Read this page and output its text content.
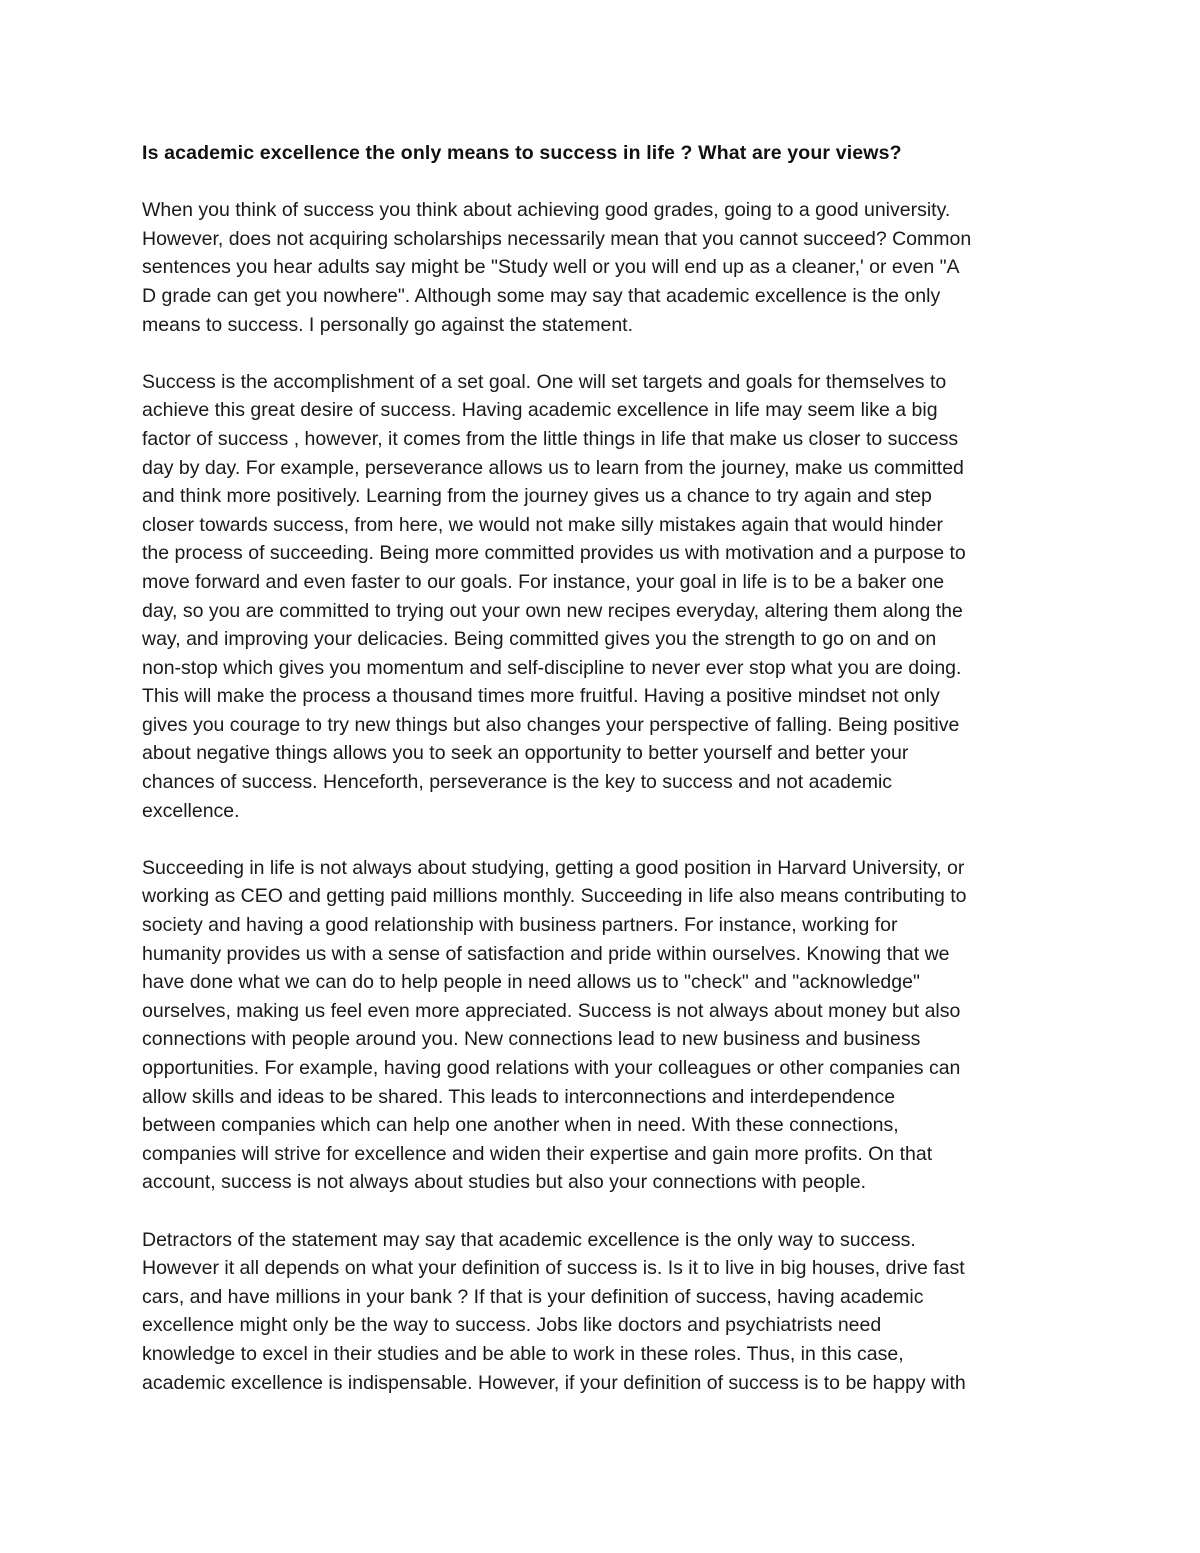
Is academic excellence the only means to success in life ? What are your views?
When you think of success you think about achieving good grades, going to a good university.
However, does not acquiring scholarships necessarily mean that you cannot succeed? Common
sentences you hear adults say might be "Study well or you will end up as a cleaner,' or even "A
D grade can get you nowhere". Although some may say that academic excellence is the only
means to success. I personally go against the statement.
Success is the accomplishment of a set goal. One will set targets and goals for themselves to
achieve this great desire of success. Having academic excellence in life may seem like a big
factor of success , however, it comes from the little things in life that make us closer to success
day by day. For example, perseverance allows us to learn from the journey, make us committed
and think more positively. Learning from the journey gives us a chance to try again and step
closer towards success, from here, we would not make silly mistakes again that would hinder
the process of succeeding. Being more committed provides us with motivation and a purpose to
move forward and even faster to our goals. For instance, your goal in life is to be a baker one
day, so you are committed to trying out your own new recipes everyday, altering them along the
way, and improving your delicacies. Being committed gives you the strength to go on and on
non-stop which gives you momentum and self-discipline to never ever stop what you are doing.
This will make the process a thousand times more fruitful. Having a positive mindset not only
gives you courage to try new things but also changes your perspective of falling. Being positive
about negative things allows you to seek an opportunity to better yourself and better your
chances of success. Henceforth, perseverance is the key to success and not academic
excellence.
Succeeding in life is not always about studying, getting a good position in Harvard University, or
working as CEO and getting paid millions monthly. Succeeding in life also means contributing to
society and having a good relationship with business partners. For instance, working for
humanity provides us with a sense of satisfaction and pride within ourselves. Knowing that we
have done what we can do to help people in need allows us to "check" and "acknowledge"
ourselves, making us feel even more appreciated. Success is not always about money but also
connections with people around you. New connections lead to new business and business
opportunities. For example, having good relations with your colleagues or other companies can
allow skills and ideas to be shared. This leads to interconnections and interdependence
between companies which can help one another when in need. With these connections,
companies will strive for excellence and widen their expertise and gain more profits. On that
account, success is not always about studies but also your connections with people.
Detractors of the statement may say that academic excellence is the only way to success.
However it all depends on what your definition of success is. Is it to live in big houses, drive fast
cars, and have millions in your bank ? If that is your definition of success, having academic
excellence might only be the way to success. Jobs like doctors and psychiatrists need
knowledge to excel in their studies and be able to work in these roles. Thus, in this case,
academic excellence is indispensable. However, if your definition of success is to be happy with
